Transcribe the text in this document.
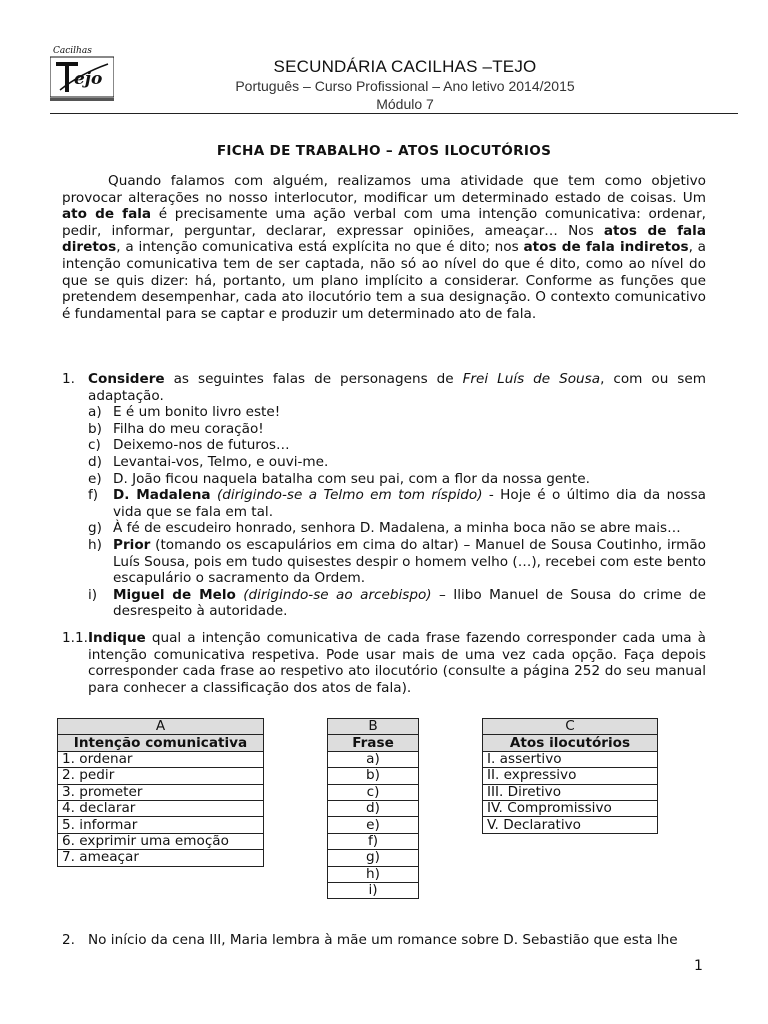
Cacilhas
ejo
SECUNDÁRIA CACILHAS –TEJO
Português – Curso Profissional – Ano letivo 2014/2015
Módulo 7
FICHA DE TRABALHO – ATOS ILOCUTÓRIOS

Quando falamos com alguém, realizamos uma atividade que tem como objetivo provocar alterações no nosso interlocutor, modificar um determinado estado de coisas. Um ato de fala é precisamente uma ação verbal com uma intenção comunicativa: ordenar, pedir, informar, perguntar, declarar, expressar opiniões, ameaçar… Nos atos de fala diretos, a intenção comunicativa está explícita no que é dito; nos atos de fala indiretos, a intenção comunicativa tem de ser captada, não só ao nível do que é dito, como ao nível do que se quis dizer: há, portanto, um plano implícito a considerar. Conforme as funções que pretendem desempenhar, cada ato ilocutório tem a sua designação. O contexto comunicativo é fundamental para se captar e produzir um determinado ato de fala.

1. Considere as seguintes falas de personagens de Frei Luís de Sousa, com ou sem adaptação.

a) E é um bonito livro este!
b) Filha do meu coração!
c) Deixemo-nos de futuros…
d) Levantai-vos, Telmo, e ouvi-me.
e) D. João ficou naquela batalha com seu pai, com a flor da nossa gente.
f)	D. Madalena (dirigindo-se a Telmo em tom ríspido) - Hoje é o último dia da nossa vida que se fala em tal.
g) À fé de escudeiro honrado, senhora D. Madalena, a minha boca não se abre mais…
h) Prior (tomando os escapulários em cima do altar) – Manuel de Sousa Coutinho, irmão Luís Sousa, pois em tudo quisestes despir o homem velho (…), recebei com este bento escapulário o sacramento da Ordem.
i)	Miguel de Melo (dirigindo-se ao arcebispo) – Ilibo Manuel de Sousa do crime de desrespeito à autoridade.
1.1. Indique qual a intenção comunicativa de cada frase fazendo corresponder cada uma à intenção comunicativa respetiva. Pode usar mais de uma vez cada opção. Faça depois corresponder cada frase ao respetivo ato ilocutório (consulte a página 252 do seu manual para conhecer a classificação dos atos de fala).

A
Intenção comunicativa
1. ordenar
2. pedir
3. prometer
4. declarar
5. informar
6. exprimir uma emoção
7. ameaçar
B
Frase
a)
b)
c)
d)
e)
f)
g)
h)
i)
C
Atos ilocutórios
I. assertivo
II. expressivo
III. Diretivo
IV. Compromissivo
V. Declarativo
2. No início da cena III, Maria lembra à mãe um romance sobre D. Sebastião que esta lhe

1
